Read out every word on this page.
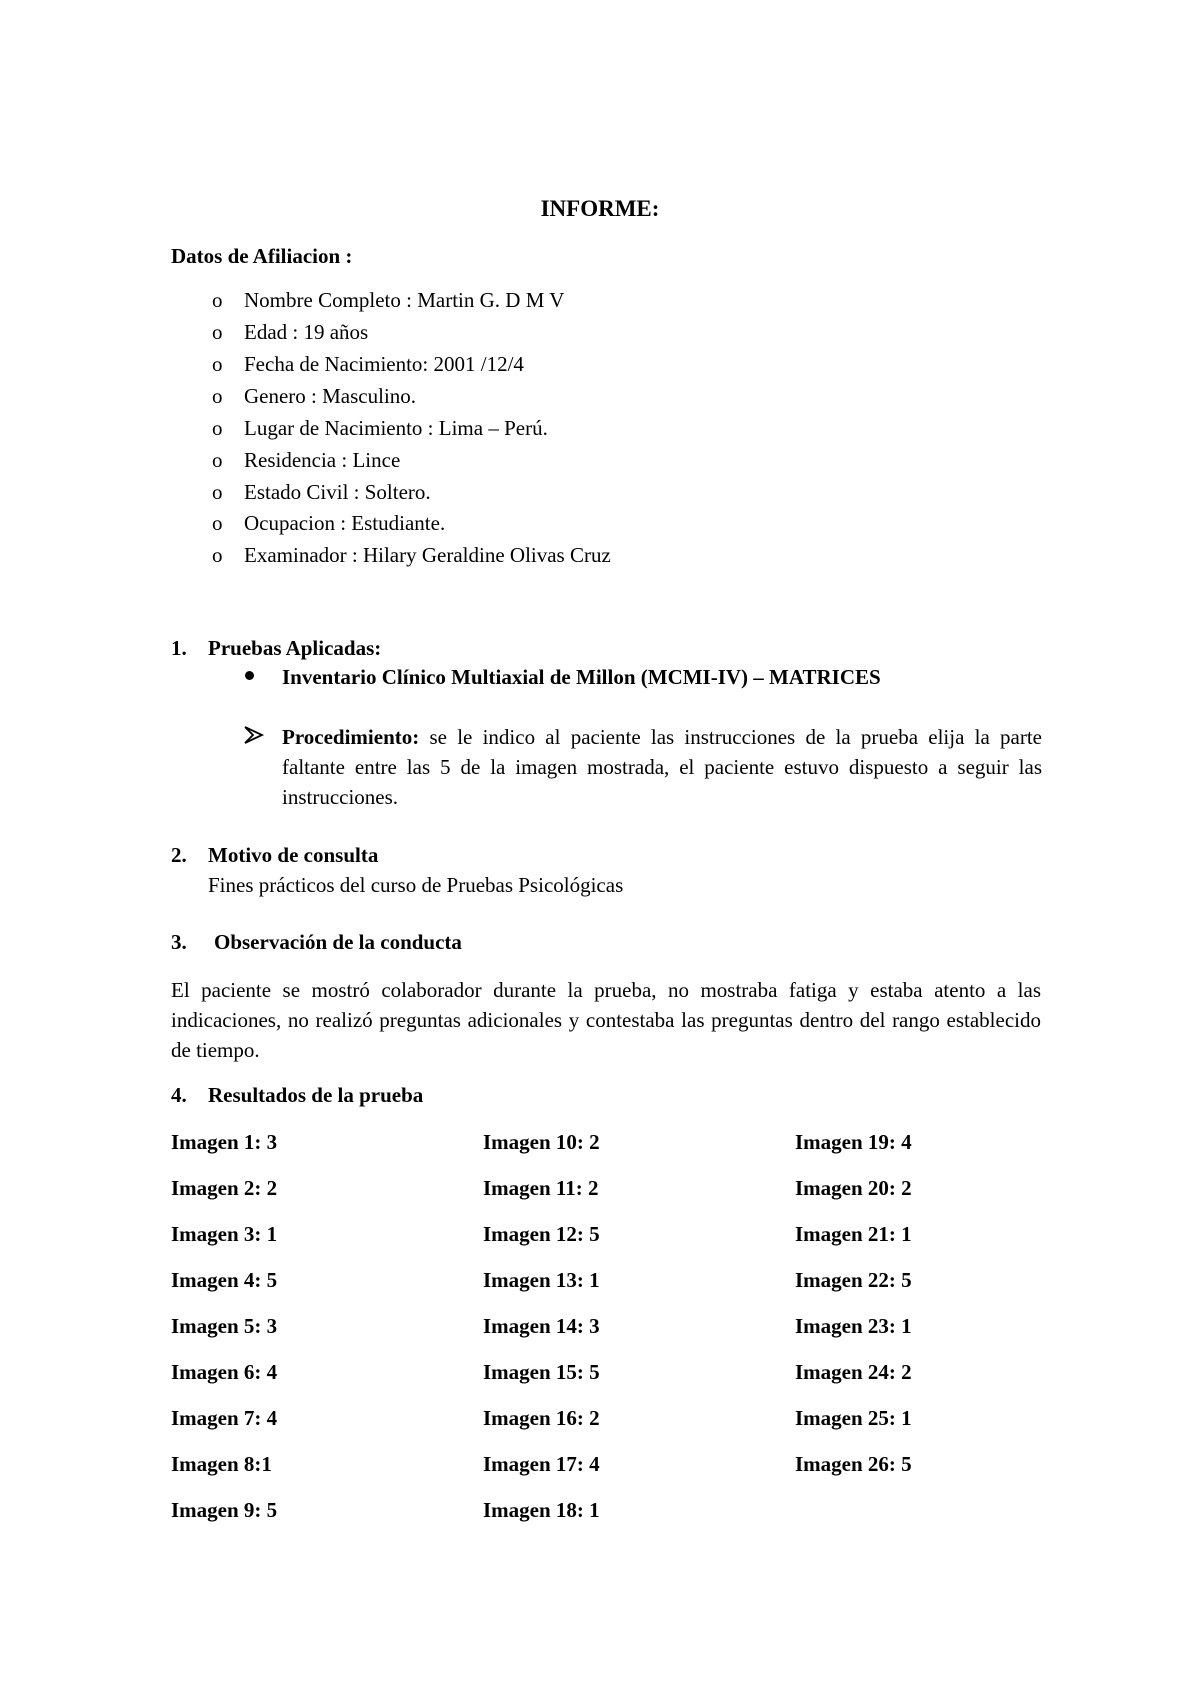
INFORME:
Datos de Afiliacion :
o Nombre Completo : Martin G. D M V
o Edad : 19 años
o Fecha de Nacimiento: 2001 /12/4
o Genero : Masculino.
o Lugar de Nacimiento : Lima – Perú.
o Residencia : Lince
o Estado Civil : Soltero.
o Ocupacion : Estudiante.
o Examinador : Hilary Geraldine Olivas Cruz
1. Pruebas Aplicadas:
Inventario Clínico Multiaxial de Millon (MCMI-IV) – MATRICES
Procedimiento: se le indico al paciente las instrucciones de la prueba elija la parte faltante entre las 5 de la imagen mostrada, el paciente estuvo dispuesto a seguir las instrucciones.
2. Motivo de consulta
Fines prácticos del curso de Pruebas Psicológicas
3. Observación de la conducta
El paciente se mostró colaborador durante la prueba, no mostraba fatiga y estaba atento a las indicaciones, no realizó preguntas adicionales y contestaba las preguntas dentro del rango establecido de tiempo.
4. Resultados de la prueba
Imagen 1: 3
Imagen 2: 2
Imagen 3: 1
Imagen 4: 5
Imagen 5: 3
Imagen 6: 4
Imagen 7: 4
Imagen 8:1
Imagen 9: 5
Imagen 10: 2
Imagen 11: 2
Imagen 12: 5
Imagen 13: 1
Imagen 14: 3
Imagen 15: 5
Imagen 16: 2
Imagen 17: 4
Imagen 18: 1
Imagen 19: 4
Imagen 20: 2
Imagen 21: 1
Imagen 22: 5
Imagen 23: 1
Imagen 24: 2
Imagen 25: 1
Imagen 26: 5
